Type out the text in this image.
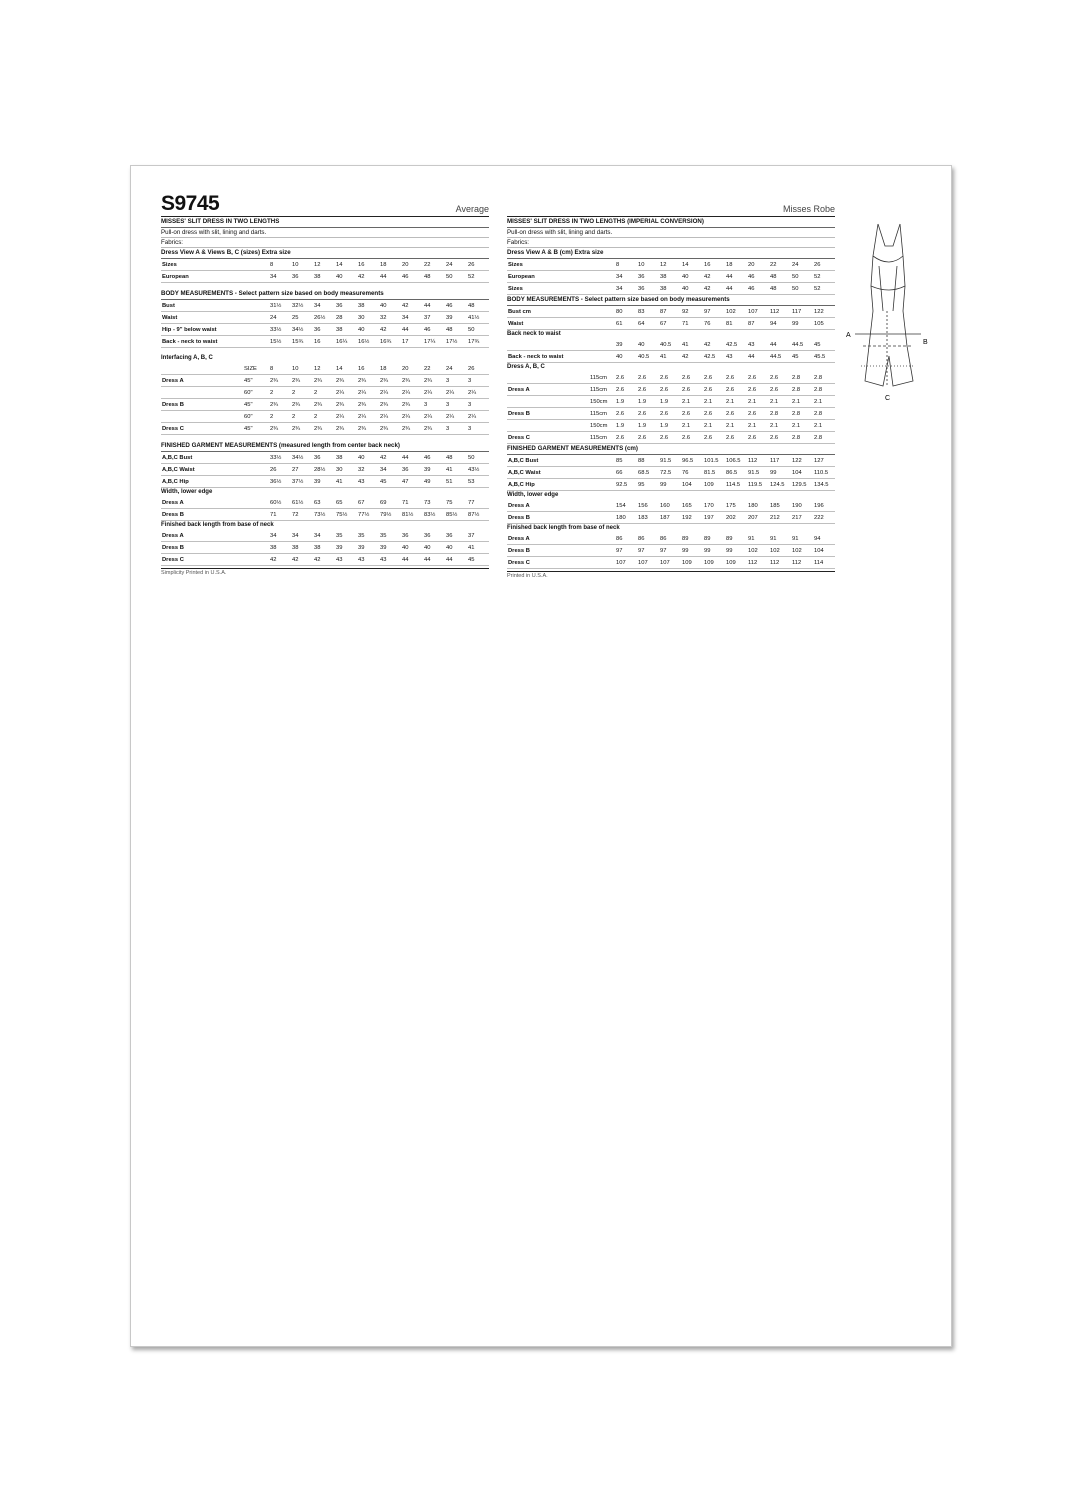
S9745	Average
MISSES' SLIT DRESS IN TWO LENGTHS
Pull-on dress with slit, lining and darts.
Fabrics:
Dress View A & Views B, C (sizes) Extra size
Sizes		8	10	12	14	16	18	20	22	24	26
European		34	36	38	40	42	44	46	48	50	52
BODY MEASUREMENTS - Select pattern size based on body measurements
Bust		31½	32½	34	36	38	40	42	44	46	48
Waist		24	25	26½	28	30	32	34	37	39	41½
Hip - 9" below waist		33½	34½	36	38	40	42	44	46	48	50
Back - neck to waist		15½	15¾	16	16¼	16½	16¾	17	17¼	17½	17¾
Interfacing A, B, C
	SIZE	8	10	12	14	16	18	20	22	24	26
Dress A	45"	2¾	2¾	2¾	2¾	2¾	2¾	2¾	2¾	3	3
	60"	2	2	2	2¼	2¼	2¼	2¼	2¼	2¼	2¼
Dress B	45"	2¾	2¾	2¾	2¾	2¾	2¾	2¾	3	3	3
	60"	2	2	2	2¼	2¼	2¼	2¼	2¼	2¼	2¼
Dress C	45"	2¾	2¾	2¾	2¾	2¾	2¾	2¾	2¾	3	3
FINISHED GARMENT MEASUREMENTS (measured length from center back neck)
A,B,C Bust		33½	34½	36	38	40	42	44	46	48	50
A,B,C Waist		26	27	28½	30	32	34	36	39	41	43½
A,B,C Hip		36½	37½	39	41	43	45	47	49	51	53
Width, lower edge
Dress A		60½	61½	63	65	67	69	71	73	75	77
Dress B		71	72	73½	75½	77½	79½	81½	83½	85½	87½
Finished back length from base of neck
Dress A		34	34	34	35	35	35	36	36	36	37
Dress B		38	38	38	39	39	39	40	40	40	41
Dress C		42	42	42	43	43	43	44	44	44	45
Simplicity Printed in U.S.A.
Misses Robe
MISSES' SLIT DRESS IN TWO LENGTHS (IMPERIAL CONVERSION)
Pull-on dress with slit, lining and darts.
Fabrics:
Dress View A & B (cm) Extra size
Sizes		8	10	12	14	16	18	20	22	24	26
European		34	36	38	40	42	44	46	48	50	52
Sizes		34	36	38	40	42	44	46	48	50	52
BODY MEASUREMENTS - Select pattern size based on body measurements
Bust cm		80	83	87	92	97	102	107	112	117	122
Waist		61	64	67	71	76	81	87	94	99	105
Back neck to waist
		39	40	40.5	41	42	42.5	43	44	44.5	45
Back - neck to waist		40	40.5	41	42	42.5	43	44	44.5	45	45.5
Dress A, B, C
	115cm	2.6	2.6	2.6	2.6	2.6	2.6	2.6	2.6	2.8	2.8
Dress A	115cm	2.6	2.6	2.6	2.6	2.6	2.6	2.6	2.6	2.8	2.8
	150cm	1.9	1.9	1.9	2.1	2.1	2.1	2.1	2.1	2.1	2.1
Dress B	115cm	2.6	2.6	2.6	2.6	2.6	2.6	2.6	2.8	2.8	2.8
	150cm	1.9	1.9	1.9	2.1	2.1	2.1	2.1	2.1	2.1	2.1
Dress C	115cm	2.6	2.6	2.6	2.6	2.6	2.6	2.6	2.6	2.8	2.8
FINISHED GARMENT MEASUREMENTS (cm)
A,B,C Bust		85	88	91.5	96.5	101.5	106.5	112	117	122	127
A,B,C Waist		66	68.5	72.5	76	81.5	86.5	91.5	99	104	110.5
A,B,C Hip		92.5	95	99	104	109	114.5	119.5	124.5	129.5	134.5
Width, lower edge
Dress A		154	156	160	165	170	175	180	185	190	196
Dress B		180	183	187	192	197	202	207	212	217	222
Finished back length from base of neck
Dress A		86	86	86	89	89	89	91	91	91	94
Dress B		97	97	97	99	99	99	102	102	102	104
Dress C		107	107	107	109	109	109	112	112	112	114
Printed in U.S.A.
A
B
C
